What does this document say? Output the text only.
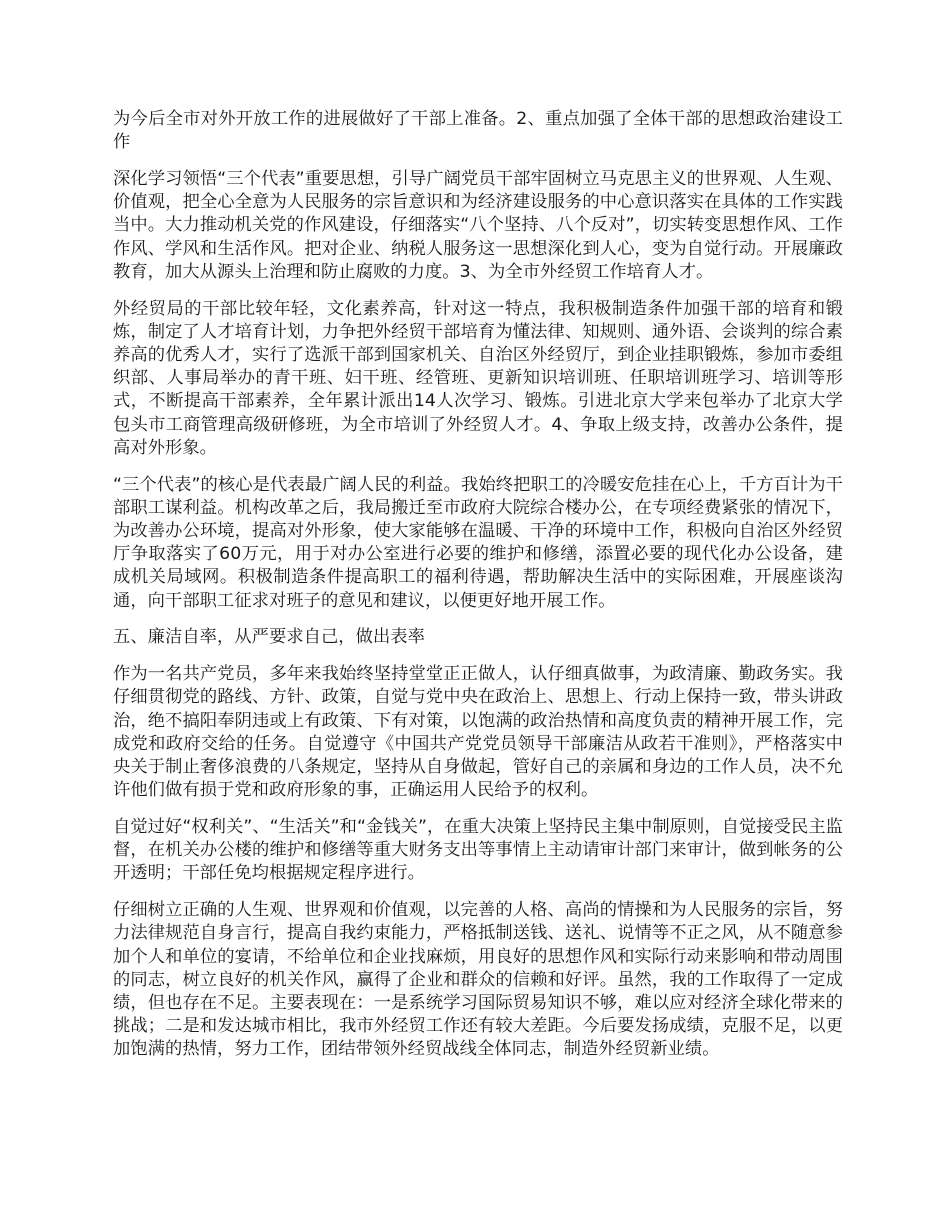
为今后全市对外开放工作的进展做好了干部上准备。2、重点加强了全体干部的思想政治建设工作

深化学习领悟“三个代表”重要思想，引导广阔党员干部牢固树立马克思主义的世界观、人生观、价值观，把全心全意为人民服务的宗旨意识和为经济建设服务的中心意识落实在具体的工作实践当中。大力推动机关党的作风建设，仔细落实“八个坚持、八个反对”，切实转变思想作风、工作作风、学风和生活作风。把对企业、纳税人服务这一思想深化到人心，变为自觉行动。开展廉政教育，加大从源头上治理和防止腐败的力度。3、为全市外经贸工作培育人才。

外经贸局的干部比较年轻，文化素养高，针对这一特点，我积极制造条件加强干部的培育和锻炼，制定了人才培育计划，力争把外经贸干部培育为懂法律、知规则、通外语、会谈判的综合素养高的优秀人才，实行了选派干部到国家机关、自治区外经贸厅，到企业挂职锻炼，参加市委组织部、人事局举办的青干班、妇干班、经管班、更新知识培训班、任职培训班学习、培训等形式，不断提高干部素养，全年累计派出14人次学习、锻炼。引进北京大学来包举办了北京大学包头市工商管理高级研修班，为全市培训了外经贸人才。4、争取上级支持，改善办公条件，提高对外形象。

“三个代表”的核心是代表最广阔人民的利益。我始终把职工的冷暖安危挂在心上，千方百计为干部职工谋利益。机构改革之后，我局搬迁至市政府大院综合楼办公，在专项经费紧张的情况下，为改善办公环境，提高对外形象，使大家能够在温暖、干净的环境中工作，积极向自治区外经贸厅争取落实了60万元，用于对办公室进行必要的维护和修缮，添置必要的现代化办公设备，建成机关局域网。积极制造条件提高职工的福利待遇，帮助解决生活中的实际困难，开展座谈沟通，向干部职工征求对班子的意见和建议，以便更好地开展工作。

五、廉洁自率，从严要求自己，做出表率

作为一名共产党员，多年来我始终坚持堂堂正正做人，认仔细真做事，为政清廉、勤政务实。我仔细贯彻党的路线、方针、政策，自觉与党中央在政治上、思想上、行动上保持一致，带头讲政治，绝不搞阳奉阴违或上有政策、下有对策，以饱满的政治热情和高度负责的精神开展工作，完成党和政府交给的任务。自觉遵守《中国共产党党员领导干部廉洁从政若干准则》，严格落实中央关于制止奢侈浪费的八条规定，坚持从自身做起，管好自己的亲属和身边的工作人员，决不允许他们做有损于党和政府形象的事，正确运用人民给予的权利。

自觉过好“权利关”、“生活关”和“金钱关”，在重大决策上坚持民主集中制原则，自觉接受民主监督，在机关办公楼的维护和修缮等重大财务支出等事情上主动请审计部门来审计，做到帐务的公开透明；干部任免均根据规定程序进行。

仔细树立正确的人生观、世界观和价值观，以完善的人格、高尚的情操和为人民服务的宗旨，努力法律规范自身言行，提高自我约束能力，严格抵制送钱、送礼、说情等不正之风，从不随意参加个人和单位的宴请，不给单位和企业找麻烦，用良好的思想作风和实际行动来影响和带动周围的同志，树立良好的机关作风，赢得了企业和群众的信赖和好评。虽然，我的工作取得了一定成绩，但也存在不足。主要表现在：一是系统学习国际贸易知识不够，难以应对经济全球化带来的挑战；二是和发达城市相比，我市外经贸工作还有较大差距。今后要发扬成绩，克服不足，以更加饱满的热情，努力工作，团结带领外经贸战线全体同志，制造外经贸新业绩。
